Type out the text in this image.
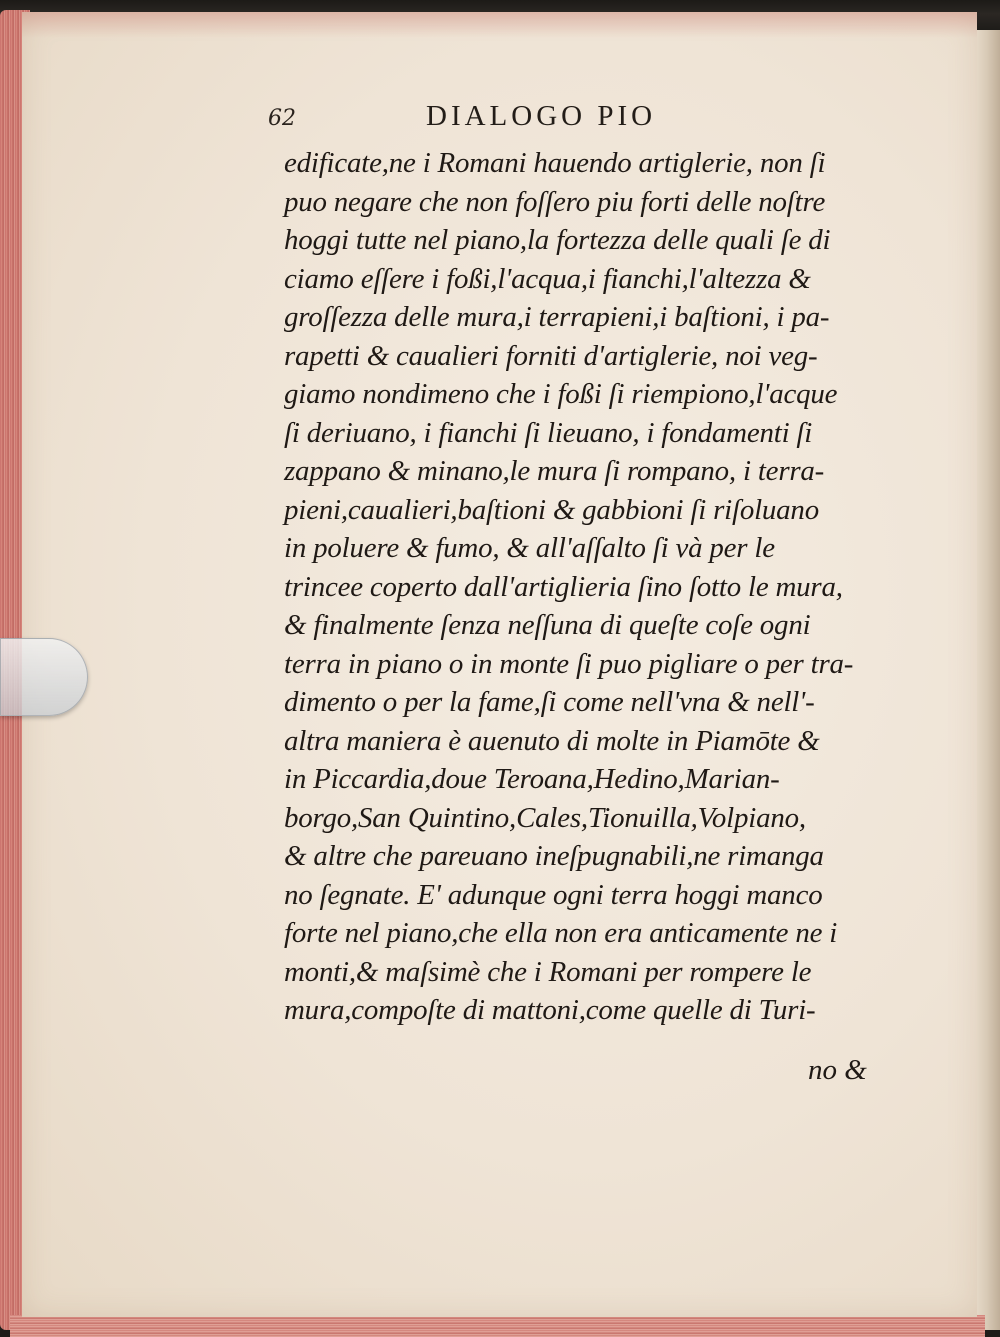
62	DIALOGO PIO
edificate,ne i Romani hauendo artiglerie, non ſi
puo negare che non foſſero piu forti delle noſtre
hoggi tutte nel piano,la fortezza delle quali ſe di
ciamo eſſere i foßi,l'acqua,i fianchi,l'altezza &
groſſezza delle mura,i terrapieni,i baſtioni, i pa-
rapetti & caualieri forniti d'artiglerie, noi veg-
giamo nondimeno che i foßi ſi riempiono,l'acque
ſi deriuano, i fianchi ſi lieuano, i fondamenti ſi
zappano & minano,le mura ſi rompano, i terra-
pieni,caualieri,baſtioni & gabbioni ſi riſoluano
in poluere & fumo, & all'aſſalto ſi và per le
trincee coperto dall'artiglieria ſino ſotto le mura,
& finalmente ſenza neſſuna di queſte coſe ogni
terra in piano o in monte ſi puo pigliare o per tra-
dimento o per la fame,ſi come nell'vna & nell'-
altra maniera è auenuto di molte in Piamōte &
in Piccardia,doue Teroana,Hedino,Marian-
borgo,San Quintino,Cales,Tionuilla,Volpiano,
& altre che pareuano ineſpugnabili,ne rimanga
no ſegnate. E' adunque ogni terra hoggi manco
forte nel piano,che ella non era anticamente ne i
monti,& maſsimè che i Romani per rompere le
mura,compoſte di mattoni,come quelle di Turi-
no &
